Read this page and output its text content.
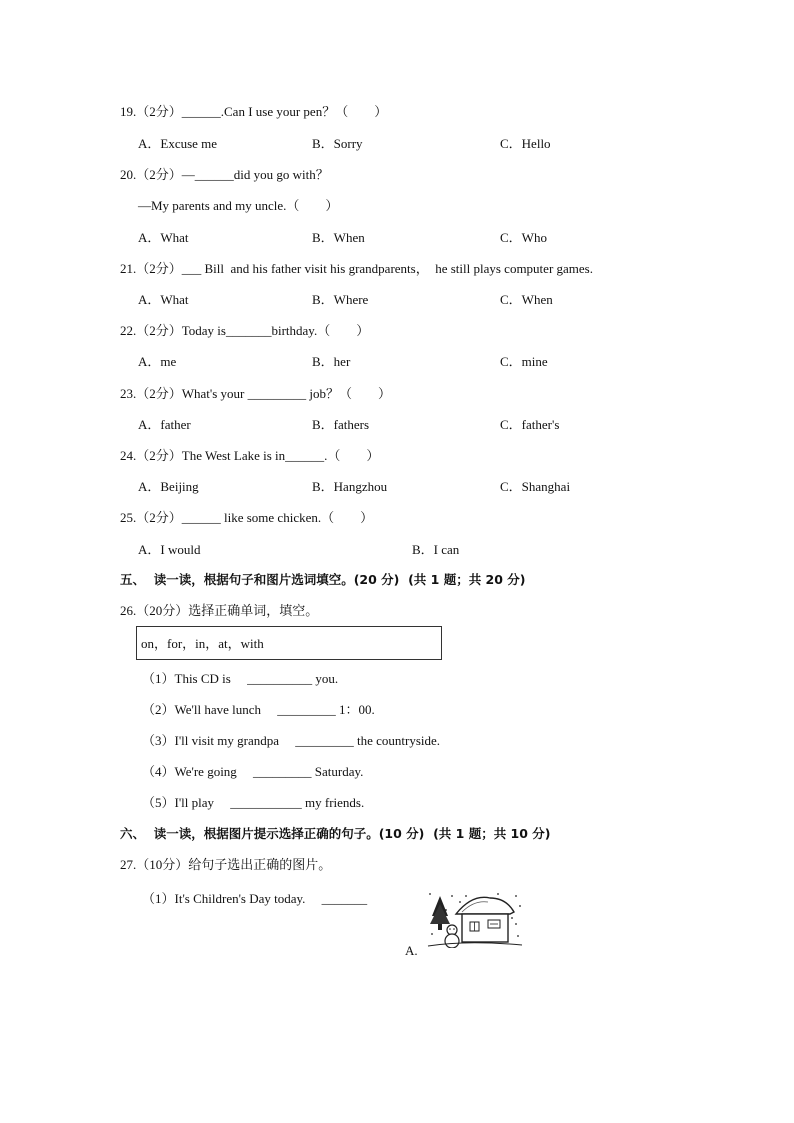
19.（2分）______.Can I use your pen？（　　）
A．Excuse me	B．Sorry	C．Hello
20.（2分）—______did you go with？
—My parents and my uncle.（　　）
A．What	B．When	C．Who
21.（2分）___ Bill  and his father visit his grandparents，  he still plays computer games.
A．What	B．Where	C．When
22.（2分）Today is_______birthday.（　　）
A．me	B．her	C．mine
23.（2分）What's your _________ job？（　　）
A．father	B．fathers	C．father's
24.（2分）The West Lake is in______.（　　）
A．Beijing	B．Hangzhou	C．Shanghai
25.（2分）______ like some chicken.（　　）
A．I would	B．I can
五、  读一读，根据句子和图片选词填空。(20 分)  (共 1 题；共 20 分)
26.（20分）选择正确单词，填空。
on，for，in，at，with
（1）This CD is     __________ you.
（2）We'll have lunch     _________ 1：00.
（3）I'll visit my grandpa     _________ the countryside.
（4）We're going     _________ Saturday.
（5）I'll play     ___________ my friends.
六、  读一读，根据图片提示选择正确的句子。(10 分)  (共 1 题；共 10 分)
27.（10分）给句子选出正确的图片。
（1）It's Children's Day today.     _______
A.
